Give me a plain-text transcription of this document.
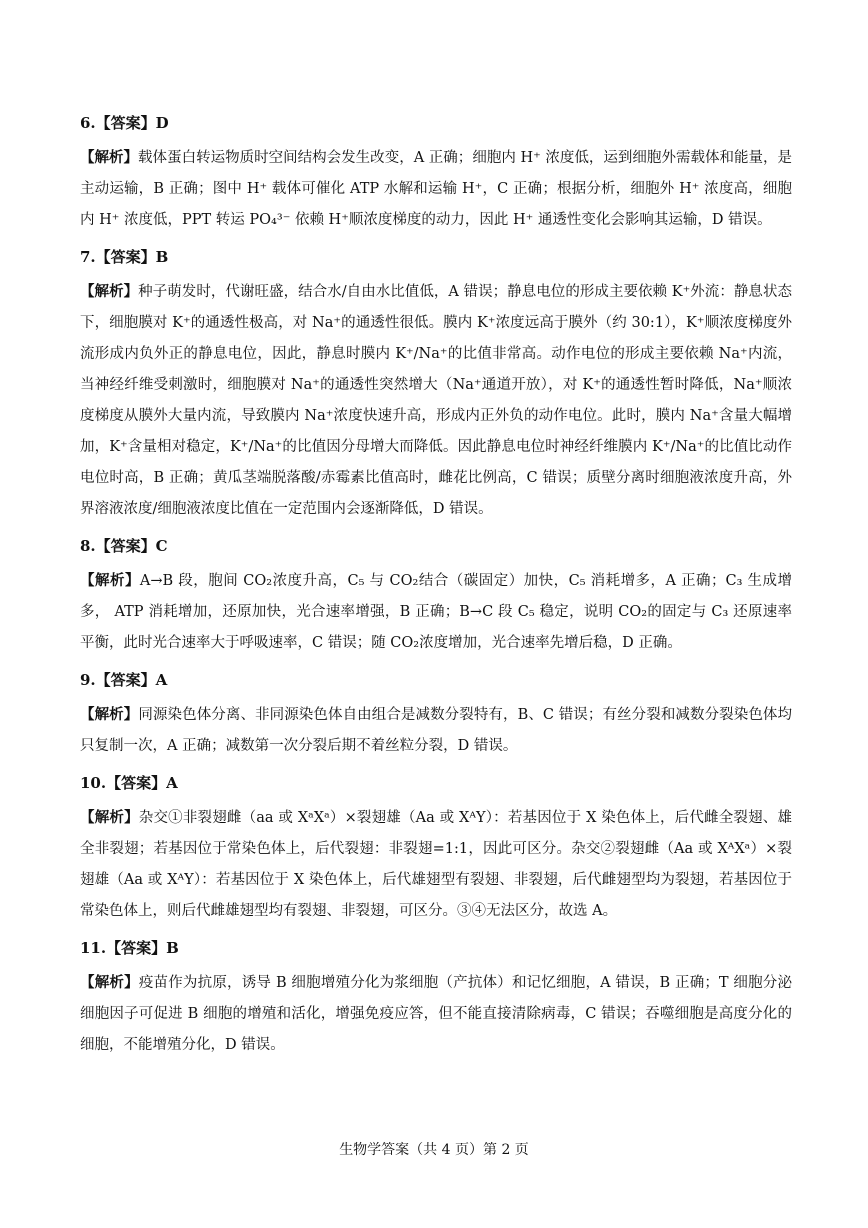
6.【答案】D

【解析】载体蛋白转运物质时空间结构会发生改变，A 正确；细胞内 H⁺ 浓度低，运到细胞外需载体和能量，是主动运输，B 正确；图中 H⁺ 载体可催化 ATP 水解和运输 H⁺，C 正确；根据分析，细胞外 H⁺ 浓度高，细胞内 H⁺ 浓度低，PPT 转运 PO₄³⁻ 依赖 H⁺顺浓度梯度的动力，因此 H⁺ 通透性变化会影响其运输，D 错误。

7.【答案】B

【解析】种子萌发时，代谢旺盛，结合水/自由水比值低，A 错误；静息电位的形成主要依赖 K⁺外流：静息状态下，细胞膜对 K⁺的通透性极高，对 Na⁺的通透性很低。膜内 K⁺浓度远高于膜外（约 30:1），K⁺顺浓度梯度外流形成内负外正的静息电位，因此，静息时膜内 K⁺/Na⁺的比值非常高。动作电位的形成主要依赖 Na⁺内流，当神经纤维受刺激时，细胞膜对 Na⁺的通透性突然增大（Na⁺通道开放），对 K⁺的通透性暂时降低，Na⁺顺浓度梯度从膜外大量内流，导致膜内 Na⁺浓度快速升高，形成内正外负的动作电位。此时，膜内 Na⁺含量大幅增加，K⁺含量相对稳定，K⁺/Na⁺的比值因分母增大而降低。因此静息电位时神经纤维膜内 K⁺/Na⁺的比值比动作电位时高，B 正确；黄瓜茎端脱落酸/赤霉素比值高时，雌花比例高，C 错误；质壁分离时细胞液浓度升高，外界溶液浓度/细胞液浓度比值在一定范围内会逐渐降低，D 错误。

8.【答案】C

【解析】A→B 段，胞间 CO₂浓度升高，C₅ 与 CO₂结合（碳固定）加快，C₅ 消耗增多，A 正确；C₃ 生成增多， ATP 消耗增加，还原加快，光合速率增强，B 正确；B→C 段 C₅ 稳定，说明 CO₂的固定与 C₃ 还原速率平衡，此时光合速率大于呼吸速率，C 错误；随 CO₂浓度增加，光合速率先增后稳，D 正确。

9.【答案】A

【解析】同源染色体分离、非同源染色体自由组合是减数分裂特有，B、C 错误；有丝分裂和减数分裂染色体均只复制一次，A 正确；减数第一次分裂后期不着丝粒分裂，D 错误。

10.【答案】A

【解析】杂交①非裂翅雌（aa 或 XᵃXᵃ）×裂翅雄（Aa 或 XᴬY）：若基因位于 X 染色体上，后代雌全裂翅、雄全非裂翅；若基因位于常染色体上，后代裂翅：非裂翅=1:1，因此可区分。杂交②裂翅雌（Aa 或 XᴬXᵃ）×裂翅雄（Aa 或 XᴬY）：若基因位于 X 染色体上，后代雄翅型有裂翅、非裂翅，后代雌翅型均为裂翅，若基因位于常染色体上，则后代雌雄翅型均有裂翅、非裂翅，可区分。③④无法区分，故选 A。

11.【答案】B

【解析】疫苗作为抗原，诱导 B 细胞增殖分化为浆细胞（产抗体）和记忆细胞，A 错误，B 正确；T 细胞分泌细胞因子可促进 B 细胞的增殖和活化，增强免疫应答，但不能直接清除病毒，C 错误；吞噬细胞是高度分化的细胞，不能增殖分化，D 错误。

生物学答案（共 4 页）第 2 页
